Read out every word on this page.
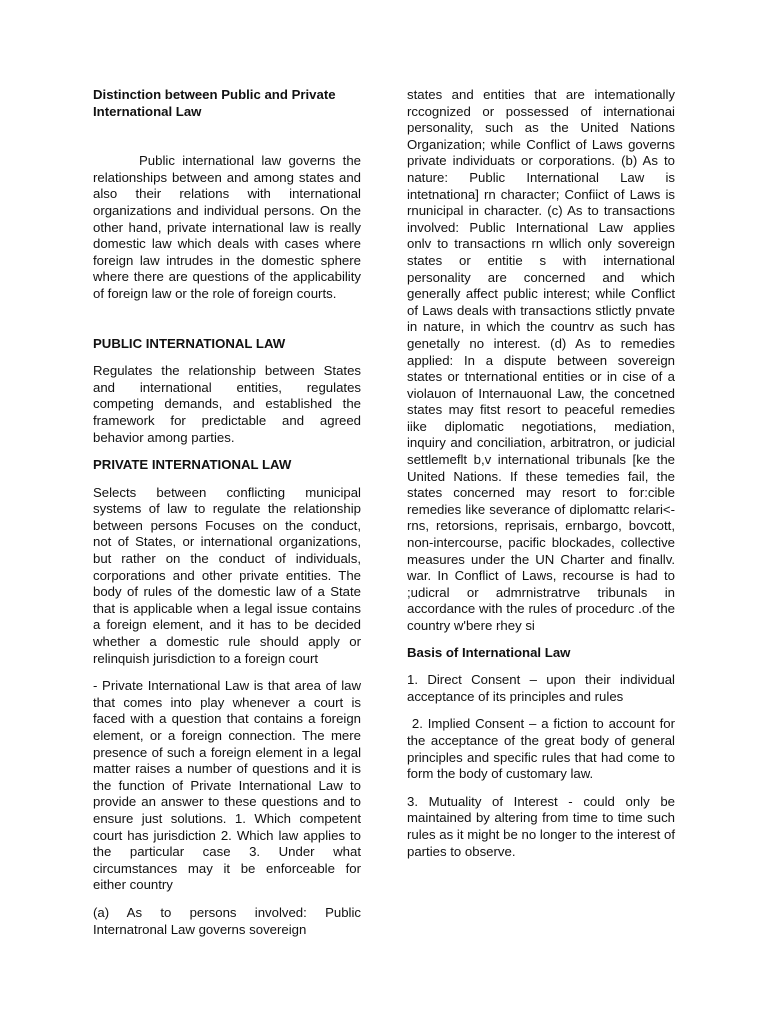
Distinction between Public and Private International Law

Public international law governs the relationships between and among states and also their relations with international organizations and individual persons. On the other hand, private international law is really domestic law which deals with cases where foreign law intrudes in the domestic sphere where there are questions of the applicability of foreign law or the role of foreign courts.

PUBLIC INTERNATIONAL LAW

Regulates the relationship between States and international entities, regulates competing demands, and established the framework for predictable and agreed behavior among parties.

PRIVATE INTERNATIONAL LAW

Selects between conflicting municipal systems of law to regulate the relationship between persons Focuses on the conduct, not of States, or international organizations, but rather on the conduct of individuals, corporations and other private entities. The body of rules of the domestic law of a State that is applicable when a legal issue contains a foreign element, and it has to be decided whether a domestic rule should apply or relinquish jurisdiction to a foreign court

- Private International Law is that area of law that comes into play whenever a court is faced with a question that contains a foreign element, or a foreign connection. The mere presence of such a foreign element in a legal matter raises a number of questions and it is the function of Private International Law to provide an answer to these questions and to ensure just solutions. 1. Which competent court has jurisdiction 2. Which law applies to the particular case 3. Under what circumstances may it be enforceable for either country

(a) As to persons involved: Public Internatronal Law governs sovereign

states and entities that are intemationally rccognized or possessed of internationai personality, such as the United Nations Organization; while Conflict of Laws governs private individuats or corporations. (b) As to nature: Public International Law is intetnationa] rn character; Confiict of Laws is rnunicipal in character. (c) As to transactions involved: Public International Law applies onlv to transactions rn wllich only sovereign states or entitie s with international personality are concerned and which generally affect public interest; while Conflict of Laws deals with transactions stlictly pnvate in nature, in which the countrv as such has genetally no interest. (d) As to remedies applied: In a dispute between sovereign states or tnternational entities or in cise of a violauon of Internauonal Law, the concetned states may fitst resort to peaceful remedies iike diplomatic negotiations, mediation, inquiry and conciliation, arbitratron, or judicial settlemeflt b,v international tribunals [ke the United Nations. If these temedies fail, the states concerned may resort to for:cible remedies like severance of diplomattc relari<-rns, retorsions, reprisais, ernbargo, bovcott, non-intercourse, pacific blockades, collective measures under the UN Charter and finallv. war. In Conflict of Laws, recourse is had to ;udicral or admrnistratrve tribunals in accordance with the rules of procedurc .of the country w'bere rhey si

Basis of International Law

1. Direct Consent – upon their individual acceptance of its principles and rules

2. Implied Consent – a fiction to account for the acceptance of the great body of general principles and specific rules that had come to form the body of customary law.

3. Mutuality of Interest - could only be maintained by altering from time to time such rules as it might be no longer to the interest of parties to observe.
